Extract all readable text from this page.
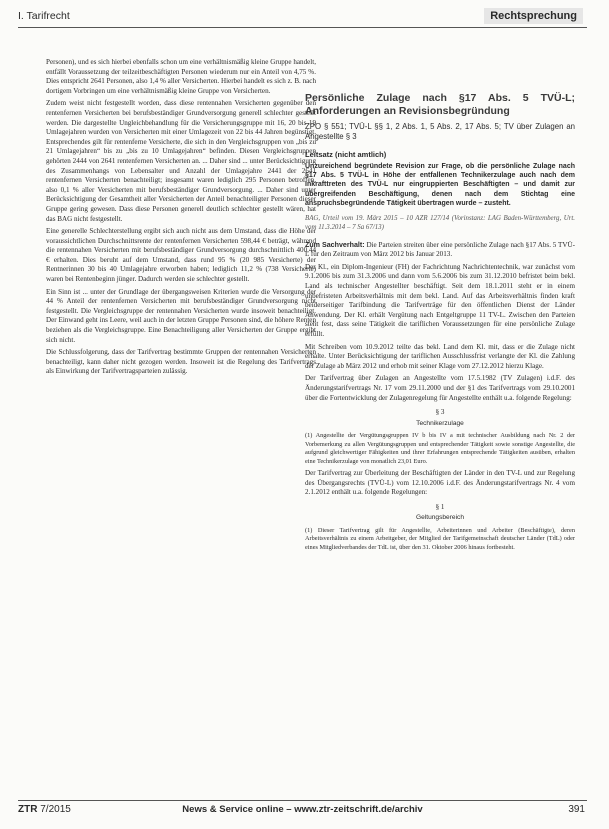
I. Tarifrecht	Rechtsprechung

Personen), und es sich hierbei ebenfalls schon um eine verhältnismäßig kleine Gruppe handelt, entfällt Voraussetzung der teilzeitbeschäftigten Personen wiederum nur ein Anteil von 4,75 %. Dies entspricht 2641 Personen, also 1,4 % aller Versicherten. Hierbei handelt es sich z. B. nach dortigem Vorbringen um eine verhältnismäßig kleine Gruppe von Versicherten.

Zudem weist nicht festgestellt worden, dass diese rentennahen Versicherten gegenüber den rentenfernen Versicherten bei berufsbeständiger Grundversorgung generell schlechter gestellt werden. Die dargestellte Ungleichbehandlung für die Versicherungsgruppe mit 16, 20 bis 19 Umlagejahren wurden von Versicherten mit einer Umlagezeit von 22 bis 44 Jahren begünstigt. Entsprechendes gilt für rentenferne Versicherte, die sich in den Vergleichsgruppen von „bis zu 21 Umlagejahren“ bis zu „bis zu 10 Umlagejahren“ befinden. Diesen Vergleichsgruppen gehörten 2444 von 2641 rentenfernen Versicherten an. ... Daher sind ... unter Berücksichtigung des Zusammenhangs von Lebensalter und Anzahl der Umlagejahre 2441 der 2641 rentenfernen Versicherten benachteiligt; insgesamt waren lediglich 295 Personen betroffen, also 0,1 % aller Versicherten mit berufsbeständiger Grundversorgung. ... Daher sind unter Berücksichtigung der Gesamtheit aller Versicherten der Anteil benachteiligter Personen dieser Gruppe gering gewesen. Dass diese Personen generell deutlich schlechter gestellt wären, hat das BAG nicht festgestellt.

Eine generelle Schlechterstellung ergibt sich auch nicht aus dem Umstand, dass die Höhe der voraussichtlichen Durchschnittsrente der rentenfernen Versicherten 598,44 € beträgt, während die rentennahen Versicherten mit berufsbeständiger Grundversorgung durchschnittlich 400,44 € erhalten. Dies beruht auf dem Umstand, dass rund 95 % (20 985 Versicherte) der Rentnerinnen 30 bis 40 Umlagejahre erworben haben; lediglich 11,2 % (738 Versicherte) waren bei Rentenbeginn jünger. Dadurch werden sie schlechter gestellt.

Ein Sinn ist ... unter der Grundlage der übergangsweisen Kriterien wurde die Versorgung der 44 % Anteil der rentenfernen Versicherten mit berufsbeständiger Grundversorgung nicht festgestellt. Die Vergleichsgruppe der rentennahen Versicherten wurde insoweit benachteiligt. Der Einwand geht ins Leere, weil auch in der letzten Gruppe Personen sind, die höhere Renten beziehen als die Vergleichsgruppe. Eine Benachteiligung aller Versicherten der Gruppe ergibt sich nicht.

Die Schlussfolgerung, dass der Tarifvertrag bestimmte Gruppen der rentennahen Versicherten benachteiligt, kann daher nicht gezogen werden. Insoweit ist die Regelung des Tarifvertrags als Einwirkung der Tarifvertragsparteien zulässig.

Persönliche Zulage nach §17 Abs. 5 TVÜ-L; Anforderungen an Revisionsbegründung
ZPO § 551; TVÜ-L §§ 1, 2 Abs. 1, 5 Abs. 2, 17 Abs. 5; TV über Zulagen an Angestellte § 3
Leitsatz (nicht amtlich)
Unzureichend begründete Revision zur Frage, ob die persönliche Zulage nach §17 Abs. 5 TVÜ-L in Höhe der entfallenen Technikerzulage auch nach dem Inkrafttreten des TVÜ-L nur eingruppierten Beschäftigten – und damit zur übergreifenden Beschäftigung, denen nach dem Stichtag eine anspruchsbegründende Tätigkeit übertragen wurde – zusteht.
BAG, Urteil vom 19. März 2015 – 10 AZR 127/14 (Vorinstanz: LAG Baden-Württemberg, Urt. vom 11.3.2014 – 7 Sa 67/13)

Zum Sachverhalt: Die Parteien streiten über eine persönliche Zulage nach §17 Abs. 5 TVÜ-L für den Zeitraum von März 2012 bis Januar 2013.

Der Kl., ein Diplom-Ingenieur (FH) der Fachrichtung Nachrichtentechnik, war zunächst vom 9.1.2006 bis zum 31.3.2006 und dann vom 5.6.2006 bis zum 31.12.2010 befristet beim bekl. Land als technischer Angestellter beschäftigt. Seit dem 18.1.2011 steht er in einem unbefristeten Arbeitsverhältnis mit dem bekl. Land. Auf das Arbeitsverhältnis finden kraft beiderseitiger Tarifbindung die Tarifverträge für den öffentlichen Dienst der Länder Anwendung. Der Kl. erhält Vergütung nach Entgeltgruppe 11 TV-L. Zwischen den Parteien steht fest, dass seine Tätigkeit die tariflichen Voraussetzungen für eine persönliche Zulage erfüllt.

Mit Schreiben vom 10.9.2012 teilte das bekl. Land dem Kl. mit, dass er die Zulage nicht erhalte. Unter Berücksichtigung der tariflichen Ausschlussfrist verlangte der Kl. die Zahlung der Zulage ab März 2012 und erhob mit seiner Klage vom 27.12.2012 hierzu Klage.

Der Tarifvertrag über Zulagen an Angestellte vom 17.5.1982 (TV Zulagen) i.d.F. des Änderungstarifvertrags Nr. 17 vom 29.11.2000 und der §1 des Tarifvertrags vom 29.10.2001 über die Fortentwicklung der Zulagenregelung für Angestellte enthält u.a. folgende Regelung:

§ 3
Technikerzulage

(1) Angestellte der Vergütungsgruppen IV b bis IV a mit technischer Ausbildung nach Nr. 2 der Vorbemerkung zu allen Vergütungsgruppen und entsprechender Tätigkeit sowie sonstige Angestellte, die aufgrund gleichwertiger Fähigkeiten und ihrer Erfahrungen entsprechende Tätigkeiten ausüben, erhalten eine Technikerzulage von monatlich 23,01 Euro.

Der Tarifvertrag zur Überleitung der Beschäftigten der Länder in den TV-L und zur Regelung des Übergangsrechts (TVÜ-L) vom 12.10.2006 i.d.F. des Änderungstarifvertrags Nr. 4 vom 2.1.2012 enthält u.a. folgende Regelungen:

§ 1
Geltungsbereich

(1) Dieser Tarifvertrag gilt für Angestellte, Arbeiterinnen und Arbeiter (Beschäftigte), deren Arbeitsverhältnis zu einem Arbeitgeber, der Mitglied der Tarifgemeinschaft deutscher Länder (TdL) oder eines Mitgliedverbandes der TdL ist, über den 31. Oktober 2006 hinaus fortbesteht.

ZTR 7/2015	News & Service online – www.ztr-zeitschrift.de/archiv	391
